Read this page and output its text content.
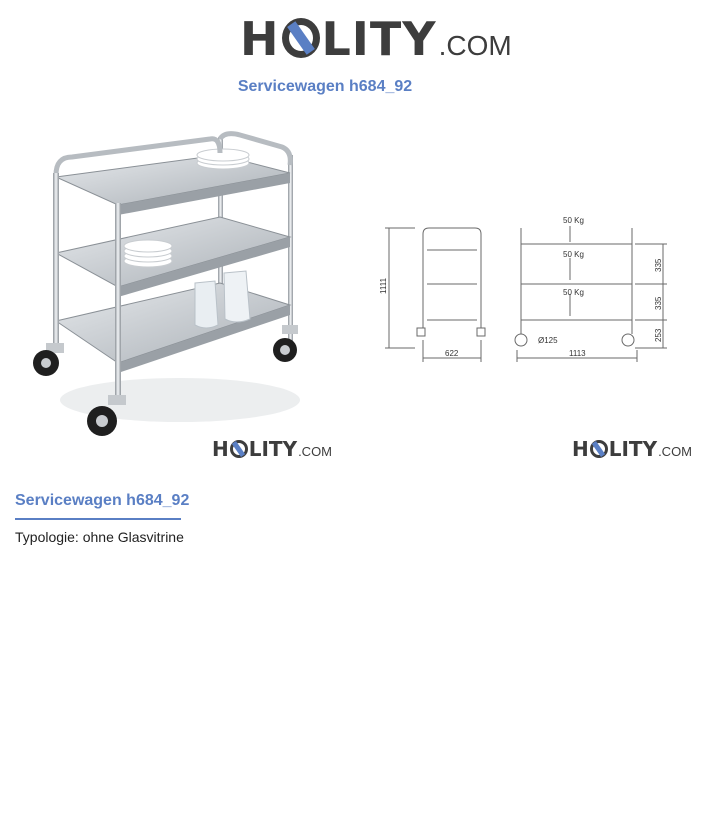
H LITY .COM
Servicewagen h684_92
1111
622	1113
Ø125
50 Kg
50 Kg
50 Kg
335
335
253
H LITY .COM	H LITY .COM
Servicewagen h684_92
Typologie: ohne Glasvitrine
